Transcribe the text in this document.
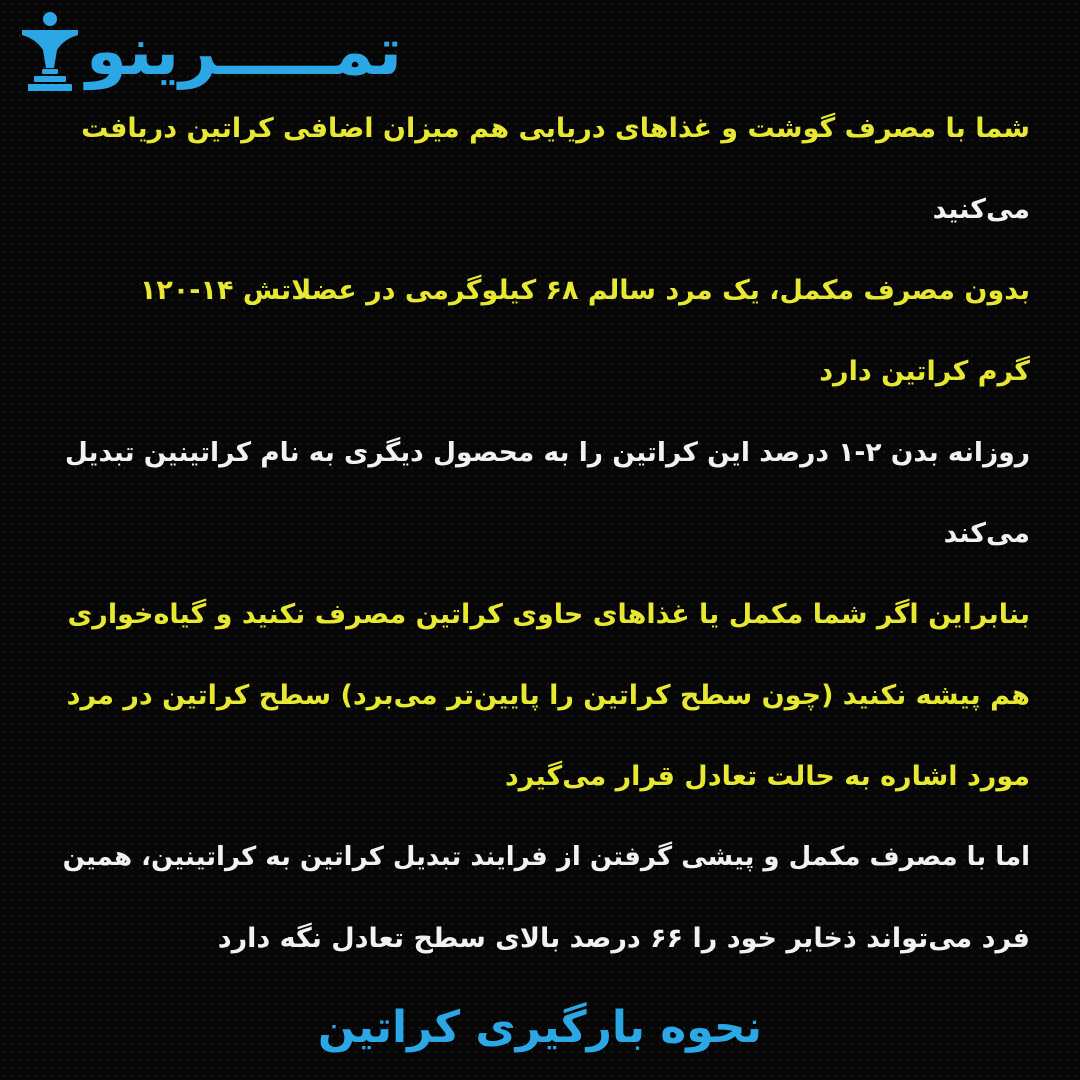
تمـــــرینو
شما با مصرف گوشت و غذاهای دریایی هم میزان اضافی کراتین دریافت
می‌کنید
بدون مصرف مکمل، یک مرد سالم ۶۸ کیلوگرمی در عضلاتش ۱۴-۱۲۰
گرم کراتین دارد
روزانه بدن ۲-۱ درصد این کراتین را به محصول دیگری به نام کراتینین تبدیل
می‌کند
بنابراین اگر شما مکمل یا غذاهای حاوی کراتین مصرف نکنید و گیاه‌خواری
هم پیشه نکنید (چون سطح کراتین را پایین‌تر می‌برد) سطح کراتین در مرد
مورد اشاره به حالت تعادل قرار می‌گیرد
اما با مصرف مکمل و پیشی گرفتن از فرایند تبدیل کراتین به کراتینین، همین
فرد می‌تواند ذخایر خود را ۶۶ درصد بالای سطح تعادل نگه دارد
نحوه بارگیری کراتین
